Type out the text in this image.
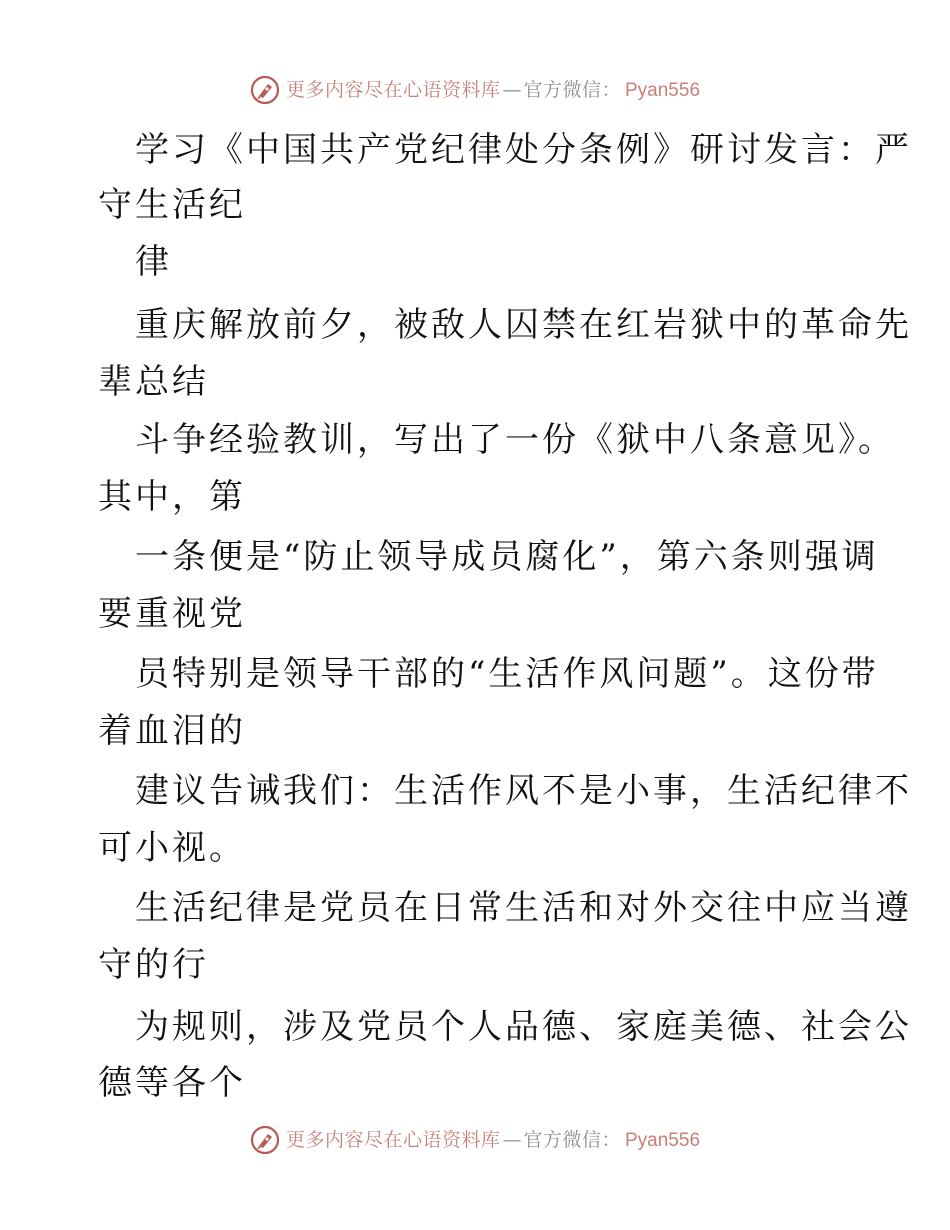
更多内容尽在心语资料库 — 官方微信： Pyan556
学习《中国共产党纪律处分条例》研讨发言：严
守生活纪
律
重庆解放前夕，被敌人囚禁在红岩狱中的革命先
辈总结
斗争经验教训，写出了一份《狱中八条意见》。
其中，第
一条便是“防止领导成员腐化”，第六条则强调
要重视党
员特别是领导干部的“生活作风问题”。这份带
着血泪的
建议告诫我们：生活作风不是小事，生活纪律不
可小视。
生活纪律是党员在日常生活和对外交往中应当遵
守的行
为规则，涉及党员个人品德、家庭美德、社会公
德等各个
更多内容尽在心语资料库 — 官方微信： Pyan556
